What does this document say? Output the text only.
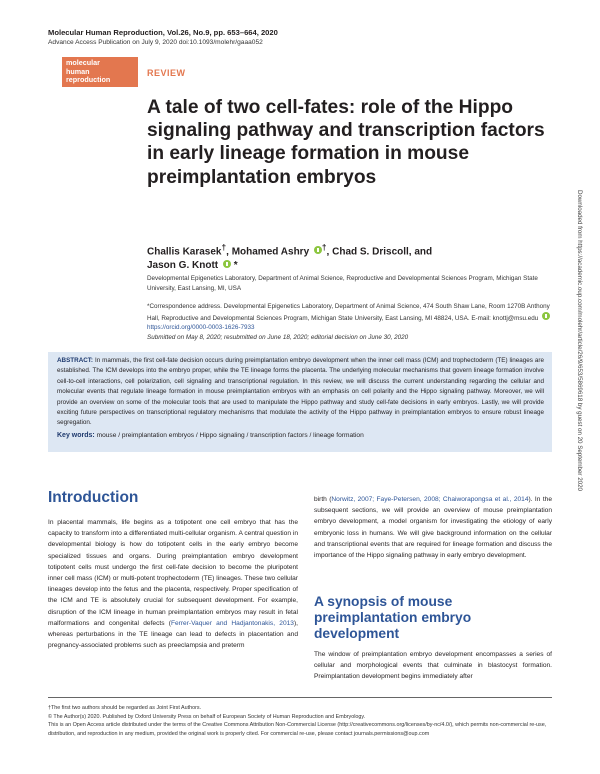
Molecular Human Reproduction, Vol.26, No.9, pp. 653–664, 2020
Advance Access Publication on July 9, 2020 doi:10.1093/molehr/gaaa052
molecular
human
reproduction
REVIEW
A tale of two cell-fates: role of the Hippo signaling pathway and transcription factors in early lineage formation in mouse preimplantation embryos
Challis Karasek†, Mohamed Ashry †, Chad S. Driscoll, and
Jason G. Knott *
Developmental Epigenetics Laboratory, Department of Animal Science, Reproductive and Developmental Sciences Program, Michigan State University, East Lansing, MI, USA
*Correspondence address. Developmental Epigenetics Laboratory, Department of Animal Science, 474 South Shaw Lane, Room 1270B Anthony Hall, Reproductive and Developmental Sciences Program, Michigan State University, East Lansing, MI 48824, USA. E-mail: knottj@msu.edu  https://orcid.org/0000-0003-1626-7933
Submitted on May 8, 2020; resubmitted on June 18, 2020; editorial decision on June 30, 2020
ABSTRACT: In mammals, the first cell-fate decision occurs during preimplantation embryo development when the inner cell mass (ICM) and trophectoderm (TE) lineages are established. The ICM develops into the embryo proper, while the TE lineage forms the placenta. The underlying molecular mechanisms that govern lineage formation involve cell-to-cell interactions, cell polarization, cell signaling and transcriptional regulation. In this review, we will discuss the current understanding regarding the cellular and molecular events that regulate lineage formation in mouse preimplantation embryos with an emphasis on cell polarity and the Hippo signaling pathway. Moreover, we will provide an overview on some of the molecular tools that are used to manipulate the Hippo pathway and study cell-fate decisions in early embryos. Lastly, we will provide exciting future perspectives on transcriptional regulatory mechanisms that modulate the activity of the Hippo pathway in preimplantation embryos to ensure robust lineage segregation.
Key words: mouse / preimplantation embryos / Hippo signaling / transcription factors / lineage formation
Introduction
In placental mammals, life begins as a totipotent one cell embryo that has the capacity to transform into a differentiated multi-cellular organism. A central question in developmental biology is how do totipotent cells in the early embryo become specialized tissues and organs. During preimplantation embryo development totipotent cells must undergo the first cell-fate decision to become the pluripotent inner cell mass (ICM) or multi-potent trophectoderm (TE) lineages. These two cellular lineages develop into the fetus and the placenta, respectively. Proper specification of the ICM and TE is absolutely crucial for subsequent development. For example, disruption of the ICM lineage in human preimplantation embryos may result in fetal malformations and congenital defects (Ferrer-Vaquer and Hadjantonakis, 2013), whereas perturbations in the TE lineage can lead to defects in placentation and pregnancy-associated problems such as preeclampsia and preterm
birth (Norwitz, 2007; Faye-Petersen, 2008; Chaiworapongsa et al., 2014). In the subsequent sections, we will provide an overview of mouse preimplantation embryo development, a model organism for investigating the etiology of early embryonic loss in humans. We will give background information on the cellular and transcriptional events that are required for lineage formation and discuss the importance of the Hippo signaling pathway in early embryo development.
A synopsis of mouse preimplantation embryo development
The window of preimplantation embryo development encompasses a series of cellular and morphological events that culminate in blastocyst formation. Preimplantation development begins immediately after
†The first two authors should be regarded as Joint First Authors.
© The Author(s) 2020. Published by Oxford University Press on behalf of European Society of Human Reproduction and Embryology.
This is an Open Access article distributed under the terms of the Creative Commons Attribution Non-Commercial License (http://creativecommons.org/licenses/by-nc/4.0/), which permits non-commercial re-use, distribution, and reproduction in any medium, provided the original work is properly cited. For commercial re-use, please contact journals.permissions@oup.com
Downloaded from https://academic.oup.com/molehr/article/26/9/653/5869618 by guest on 20 September 2020
